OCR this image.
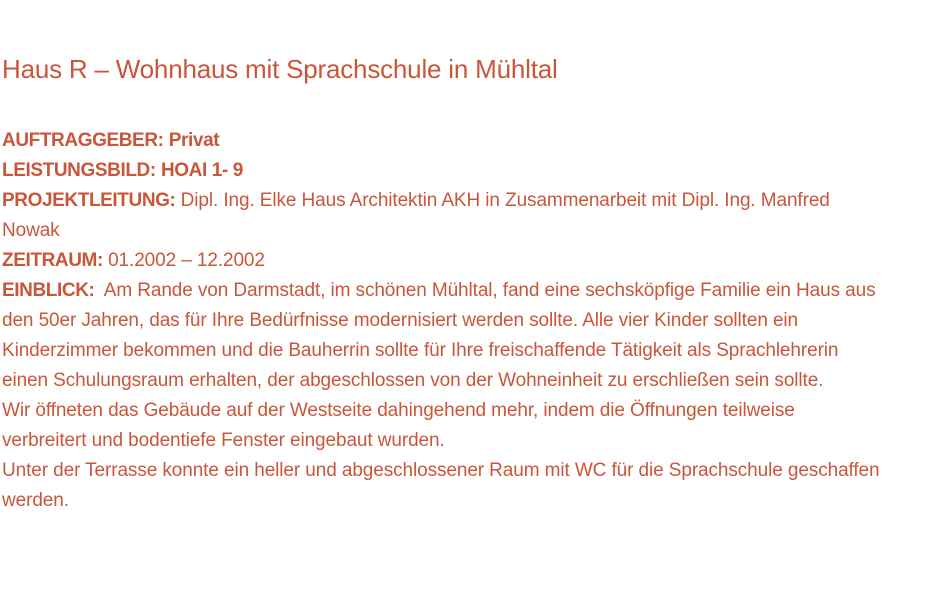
Haus R – Wohnhaus mit Sprachschule in Mühltal
AUFTRAGGEBER: Privat
LEISTUNGSBILD: HOAI 1- 9
PROJEKTLEITUNG: Dipl. Ing. Elke Haus Architektin AKH in Zusammenarbeit mit Dipl. Ing. Manfred Nowak
ZEITRAUM: 01.2002 – 12.2002
EINBLICK: Am Rande von Darmstadt, im schönen Mühltal, fand eine sechsköpfige Familie ein Haus aus den 50er Jahren, das für Ihre Bedürfnisse modernisiert werden sollte. Alle vier Kinder sollten ein Kinderzimmer bekommen und die Bauherrin sollte für Ihre freischaffende Tätigkeit als Sprachlehrerin einen Schulungsraum erhalten, der abgeschlossen von der Wohneinheit zu erschließen sein sollte.

Wir öffneten das Gebäude auf der Westseite dahingehend mehr, indem die Öffnungen teilweise verbreitert und bodentiefe Fenster eingebaut wurden.

Unter der Terrasse konnte ein heller und abgeschlossener Raum mit WC für die Sprachschule geschaffen werden.
